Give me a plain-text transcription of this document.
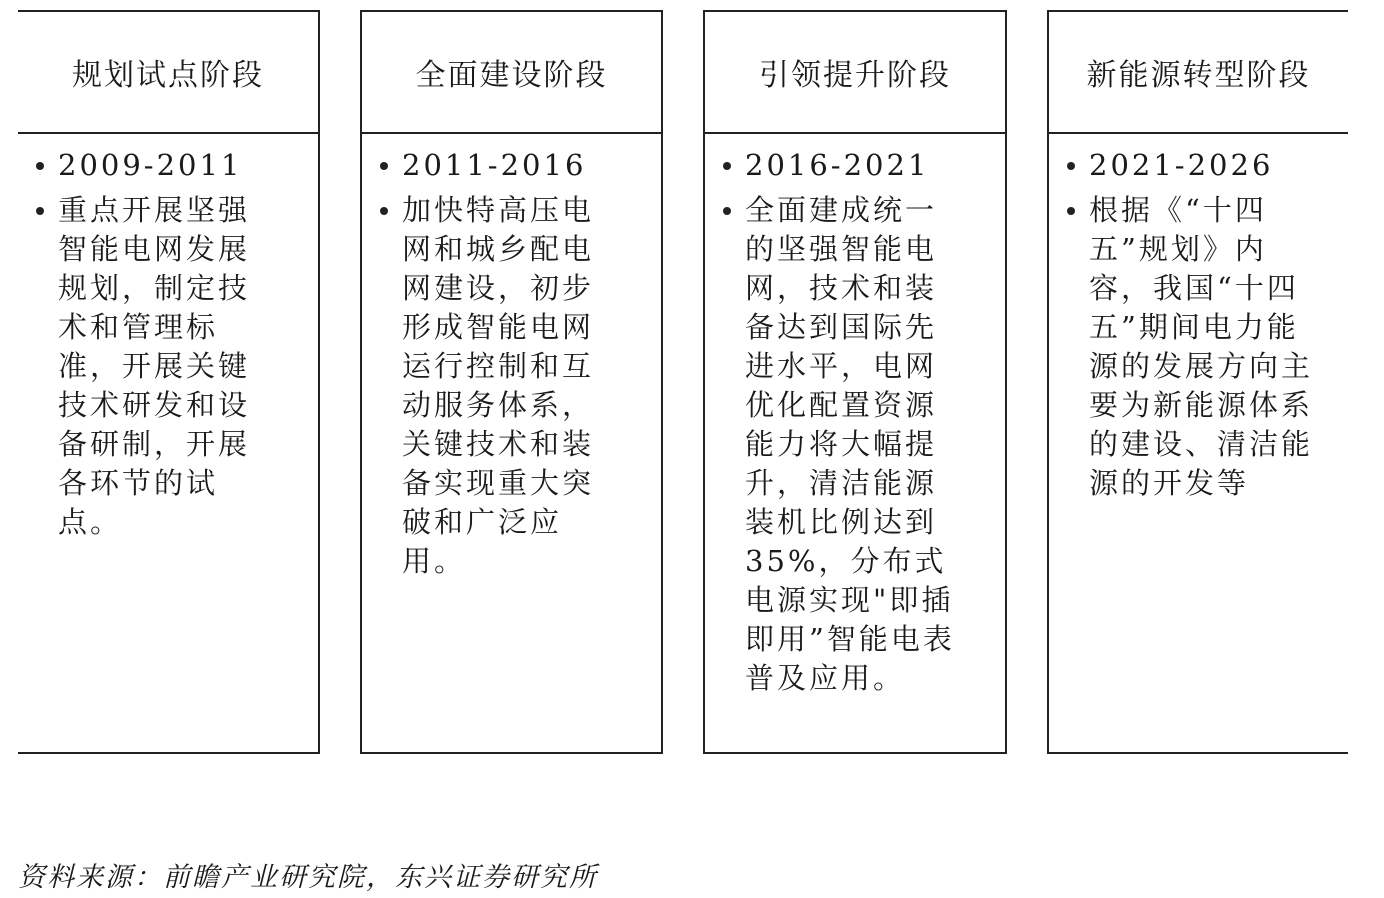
规划试点阶段
2009-2011
重点开展坚强智能电网发展规划，制定技术和管理标准，开展关键技术研发和设备研制，开展各环节的试点。
全面建设阶段
2011-2016
加快特高压电网和城乡配电网建设，初步形成智能电网运行控制和互动服务体系，关键技术和装备实现重大突破和广泛应用。
引领提升阶段
2016-2021
全面建成统一的坚强智能电网，技术和装备达到国际先进水平，电网优化配置资源能力将大幅提升，清洁能源装机比例达到35%，分布式电源实现"即插即用”智能电表普及应用。
新能源转型阶段
2021-2026
根据《“十四五”规划》内容，我国“十四五”期间电力能源的发展方向主要为新能源体系的建设、清洁能源的开发等
资料来源：前瞻产业研究院，东兴证券研究所
